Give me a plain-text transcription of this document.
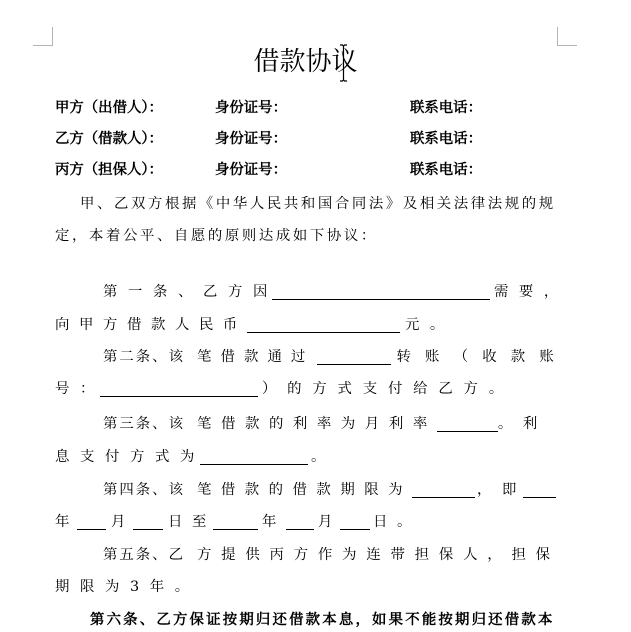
借款协议
甲方（出借人）：	身份证号：	联系电话：
乙方（借款人）：	身份证号：	联系电话：
丙方（担保人）：	身份证号：	联系电话：
甲、乙双方根据《中华人民共和国合同法》及相关法律法规的规
定，本着公平、自愿的原则达成如下协议：
第一条、乙方因	需要，
向甲方借款人民币	元。
第二条、该 笔借款通过	转账（收款账
号：	）的方式支付给乙方。
第三条、该 笔借款的利率为月利率	。利
息支付方式为	。
第四条、该 笔借款的借款期限为	，即
年	月	日至	年	月	日。
第五条、乙 方提供丙方作为连带担保人，担保
期限为3年。
第六条、乙方保证按期归还借款本息，如果不能按期归还借款本
